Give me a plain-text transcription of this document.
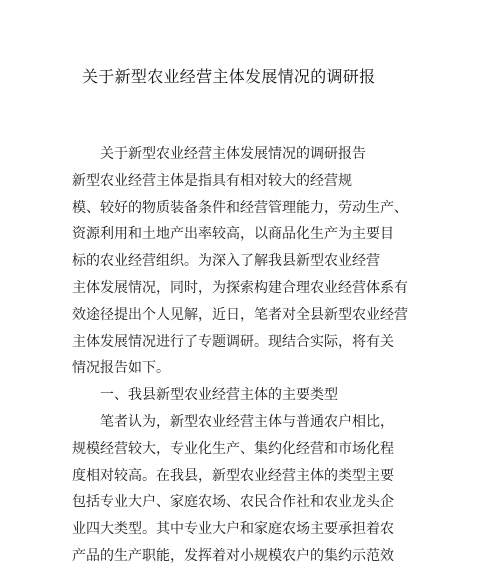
关于新型农业经营主体发展情况的调研报
　　关于新型农业经营主体发展情况的调研报告
新型农业经营主体是指具有相对较大的经营规
模、较好的物质装备条件和经营管理能力，劳动生产、
资源利用和土地产出率较高，以商品化生产为主要目
标的农业经营组织。为深入了解我县新型农业经营
主体发展情况，同时，为探索构建合理农业经营体系有
效途径提出个人见解，近日，笔者对全县新型农业经营
主体发展情况进行了专题调研。现结合实际，将有关
情况报告如下。
　　一、我县新型农业经营主体的主要类型
　　笔者认为，新型农业经营主体与普通农户相比，
规模经营较大，专业化生产、集约化经营和市场化程
度相对较高。在我县，新型农业经营主体的类型主要
包括专业大户、家庭农场、农民合作社和农业龙头企
业四大类型。其中专业大户和家庭农场主要承担着农
产品的生产职能，发挥着对小规模农户的集约示范效
